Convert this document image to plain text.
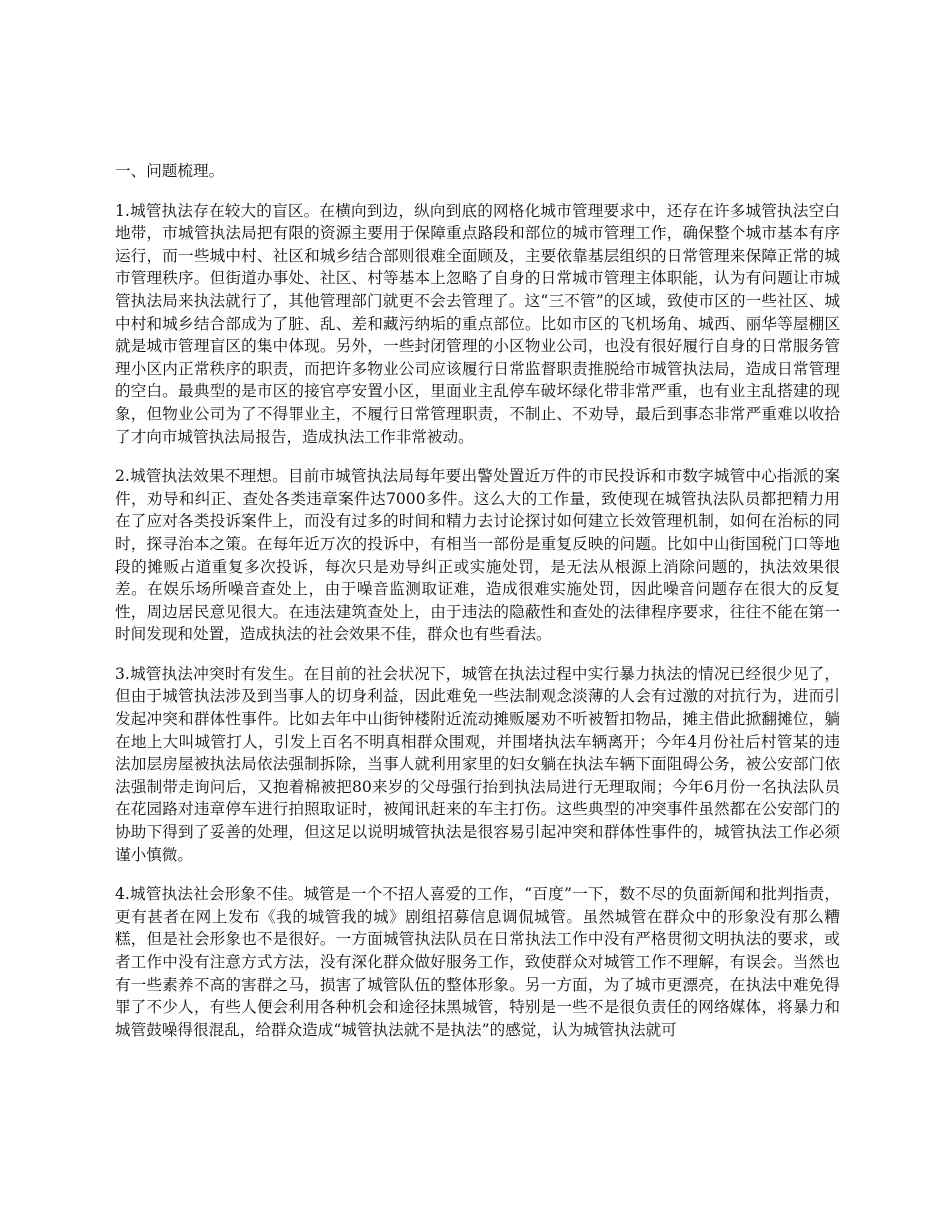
一、问题梳理。
1.城管执法存在较大的盲区。在横向到边，纵向到底的网格化城市管理要求中，还存在许多城管执法空白地带，市城管执法局把有限的资源主要用于保障重点路段和部位的城市管理工作，确保整个城市基本有序运行，而一些城中村、社区和城乡结合部则很难全面顾及，主要依靠基层组织的日常管理来保障正常的城市管理秩序。但街道办事处、社区、村等基本上忽略了自身的日常城市管理主体职能，认为有问题让市城管执法局来执法就行了，其他管理部门就更不会去管理了。这“三不管”的区域，致使市区的一些社区、城中村和城乡结合部成为了脏、乱、差和藏污纳垢的重点部位。比如市区的飞机场角、城西、丽华等屋棚区就是城市管理盲区的集中体现。另外，一些封闭管理的小区物业公司，也没有很好履行自身的日常服务管理小区内正常秩序的职责，而把许多物业公司应该履行日常监督职责推脱给市城管执法局，造成日常管理的空白。最典型的是市区的接官亭安置小区，里面业主乱停车破坏绿化带非常严重，也有业主乱搭建的现象，但物业公司为了不得罪业主，不履行日常管理职责，不制止、不劝导，最后到事态非常严重难以收拾了才向市城管执法局报告，造成执法工作非常被动。
2.城管执法效果不理想。目前市城管执法局每年要出警处置近万件的市民投诉和市数字城管中心指派的案件，劝导和纠正、查处各类违章案件达7000多件。这么大的工作量，致使现在城管执法队员都把精力用在了应对各类投诉案件上，而没有过多的时间和精力去讨论探讨如何建立长效管理机制，如何在治标的同时，探寻治本之策。在每年近万次的投诉中，有相当一部份是重复反映的问题。比如中山街国税门口等地段的摊贩占道重复多次投诉，每次只是劝导纠正或实施处罚，是无法从根源上消除问题的，执法效果很差。在娱乐场所噪音查处上，由于噪音监测取证难，造成很难实施处罚，因此噪音问题存在很大的反复性，周边居民意见很大。在违法建筑查处上，由于违法的隐蔽性和查处的法律程序要求，往往不能在第一时间发现和处置，造成执法的社会效果不佳，群众也有些看法。
3.城管执法冲突时有发生。在目前的社会状况下，城管在执法过程中实行暴力执法的情况已经很少见了，但由于城管执法涉及到当事人的切身利益，因此难免一些法制观念淡薄的人会有过激的对抗行为，进而引发起冲突和群体性事件。比如去年中山街钟楼附近流动摊贩屡劝不听被暂扣物品，摊主借此掀翻摊位，躺在地上大叫城管打人，引发上百名不明真相群众围观，并围堵执法车辆离开；今年4月份社后村管某的违法加层房屋被执法局依法强制拆除，当事人就利用家里的妇女躺在执法车辆下面阻碍公务，被公安部门依法强制带走询问后，又抱着棉被把80来岁的父母强行抬到执法局进行无理取闹；今年6月份一名执法队员在花园路对违章停车进行拍照取证时，被闻讯赶来的车主打伤。这些典型的冲突事件虽然都在公安部门的协助下得到了妥善的处理，但这足以说明城管执法是很容易引起冲突和群体性事件的，城管执法工作必须谨小慎微。
4.城管执法社会形象不佳。城管是一个不招人喜爱的工作，“百度”一下，数不尽的负面新闻和批判指责，更有甚者在网上发布《我的城管我的城》剧组招募信息调侃城管。虽然城管在群众中的形象没有那么糟糕，但是社会形象也不是很好。一方面城管执法队员在日常执法工作中没有严格贯彻文明执法的要求，或者工作中没有注意方式方法，没有深化群众做好服务工作，致使群众对城管工作不理解，有误会。当然也有一些素养不高的害群之马，损害了城管队伍的整体形象。另一方面，为了城市更漂亮，在执法中难免得罪了不少人，有些人便会利用各种机会和途径抹黑城管，特别是一些不是很负责任的网络媒体，将暴力和城管鼓噪得很混乱，给群众造成“城管执法就不是执法”的感觉，认为城管执法就可
